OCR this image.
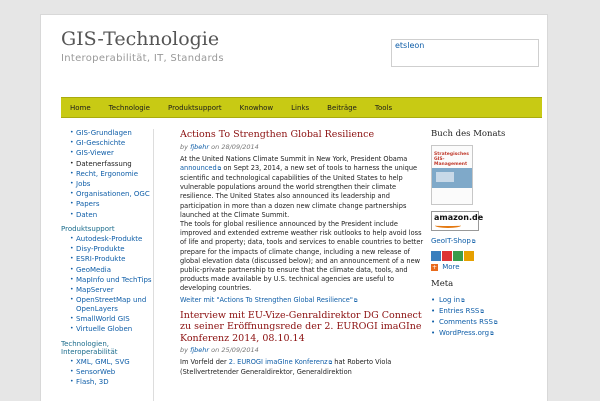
GIS-Technologie
Interoperabilität, IT, Standards
etsleon
Home	Technologie	Produktsupport	Knowhow	Links	Beiträge	Tools
• GIS-Grundlagen
• GI-Geschichte
• GIS-Viewer
• Datenerfassung
• Recht, Ergonomie
• Jobs
• Organisationen, OGC
• Papers
• Daten
Produktsupport
• Autodesk-Produkte
• Disy-Produkte
• ESRI-Produkte
• GeoMedia
• MapInfo und TechTips
• MapServer
• OpenStreetMap und OpenLayers
• SmallWorld GIS
• Virtuelle Globen
Technologien, Interoperabilität
• XML, GML, SVG
• SensorWeb
• Flash, 3D
Actions To Strengthen Global Resilience
by fjbehr on 28/09/2014
At the United Nations Climate Summit in New York, President Obama announced ⧉ on Sept 23, 2014, a new set of tools to harness the unique scientific and technological capabilities of the United States to help vulnerable populations around the world strengthen their climate resilience. The United States also announced its leadership and participation in more than a dozen new climate change partnerships launched at the Climate Summit.
The tools for global resilience announced by the President include improved and extended extreme weather risk outlooks to help avoid loss of life and property; data, tools and services to enable countries to better prepare for the impacts of climate change, including a new release of global elevation data (discussed below); and an announcement of a new public-private partnership to ensure that the climate data, tools, and products made available by U.S. technical agencies are useful to developing countries.
Weiter mit "Actions To Strengthen Global Resilience" ⧉
Interview mit EU-Vize-Genraldirektor DG Connect zu seiner Eröffnungsrede der 2. EUROGI imaGIne Konferenz 2014, 08.10.14
by fjbehr on 25/09/2014
Im Vorfeld der 2. EUROGI imaGIne Konferenz ⧉ hat Roberto Viola (Stellvertretender Generaldirektor, Generaldirektion
Buch des Monats
Strategisches GIS-Management
amazon.de
GeoIT-Shop ⧉
+ More
Meta
• Log in ⧉
• Entries RSS ⧉
• Comments RSS ⧉
• WordPress.org ⧉
